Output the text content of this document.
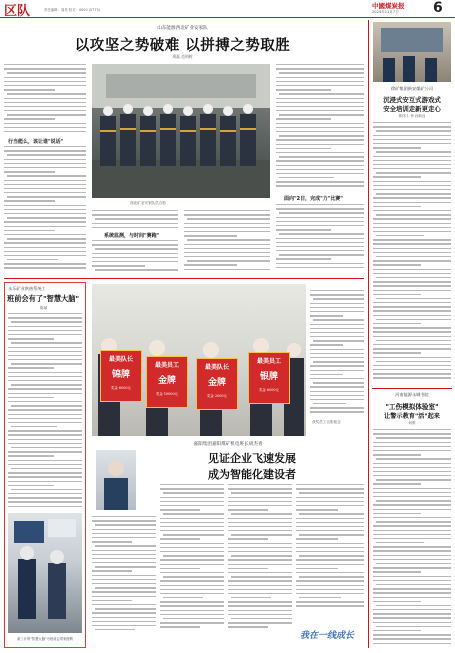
区队	责任编辑：周昊 校对：0000 (0773)	中國煤炭报
2024年11月7日 6
山东能源西北矿业安家队
以攻坚之势破难 以拼搏之势取胜
周磊 范明辉
行当能么，该让谁"说话"
西北矿业安家队员合影
系统监测，与时间"赛跑"
面向"2日，完成"力"比赛"
永乐矿业供热系统工
班前会有了"智慧大脑"
陈斌
新工计的"智慧大脑"为班前会带来便利
最美队长
锦牌
奖金 6000元
最美员工
金牌
奖金 10000元
最美队长
金牌
奖金 2000元
最美员工
银牌
奖金 6000元
获奖员工合影留念
嘉阳集团嘉阳煤矿机电班长胡杰青
见证企业飞速发展
成为智能化建设者
我在一线成长
徐矿集团新安煤矿公司
沉浸式安互式游戏式
安全培训走新更走心
郭伟斗 李 孙新良
河南能源永城书院
"工伤模拟体验室"
让警示教育"活"起来
何维
